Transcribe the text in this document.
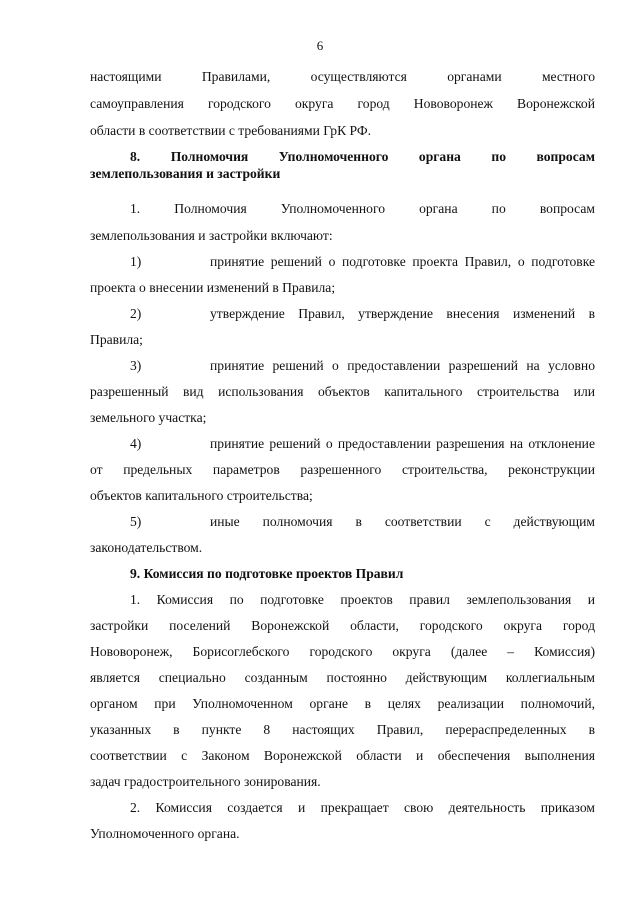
6
настоящими Правилами, осуществляются органами местного
самоуправления городского округа город Нововоронеж Воронежской
области в соответствии с требованиями ГрК РФ.
8. Полномочия Уполномоченного органа по вопросам
землепользования и застройки
1. Полномочия Уполномоченного органа по вопросам
землепользования и застройки включают:
1)	принятие решений о подготовке проекта Правил, о подготовке
проекта о внесении изменений в Правила;
2)	утверждение Правил, утверждение внесения изменений в
Правила;
3)	принятие решений о предоставлении разрешений на условно
разрешенный вид использования объектов капитального строительства или
земельного участка;
4)	принятие решений о предоставлении разрешения на отклонение
от предельных параметров разрешенного строительства, реконструкции
объектов капитального строительства;
5)	иные полномочия в соответствии с действующим
законодательством.
9. Комиссия по подготовке проектов Правил
1. Комиссия по подготовке проектов правил землепользования и
застройки поселений Воронежской области, городского округа город
Нововоронеж, Борисоглебского городского округа (далее – Комиссия)
является специально созданным постоянно действующим коллегиальным
органом при Уполномоченном органе в целях реализации полномочий,
указанных в пункте 8 настоящих Правил, перераспределенных в
соответствии с Законом Воронежской области и обеспечения выполнения
задач градостроительного зонирования.
2. Комиссия создается и прекращает свою деятельность приказом
Уполномоченного органа.
